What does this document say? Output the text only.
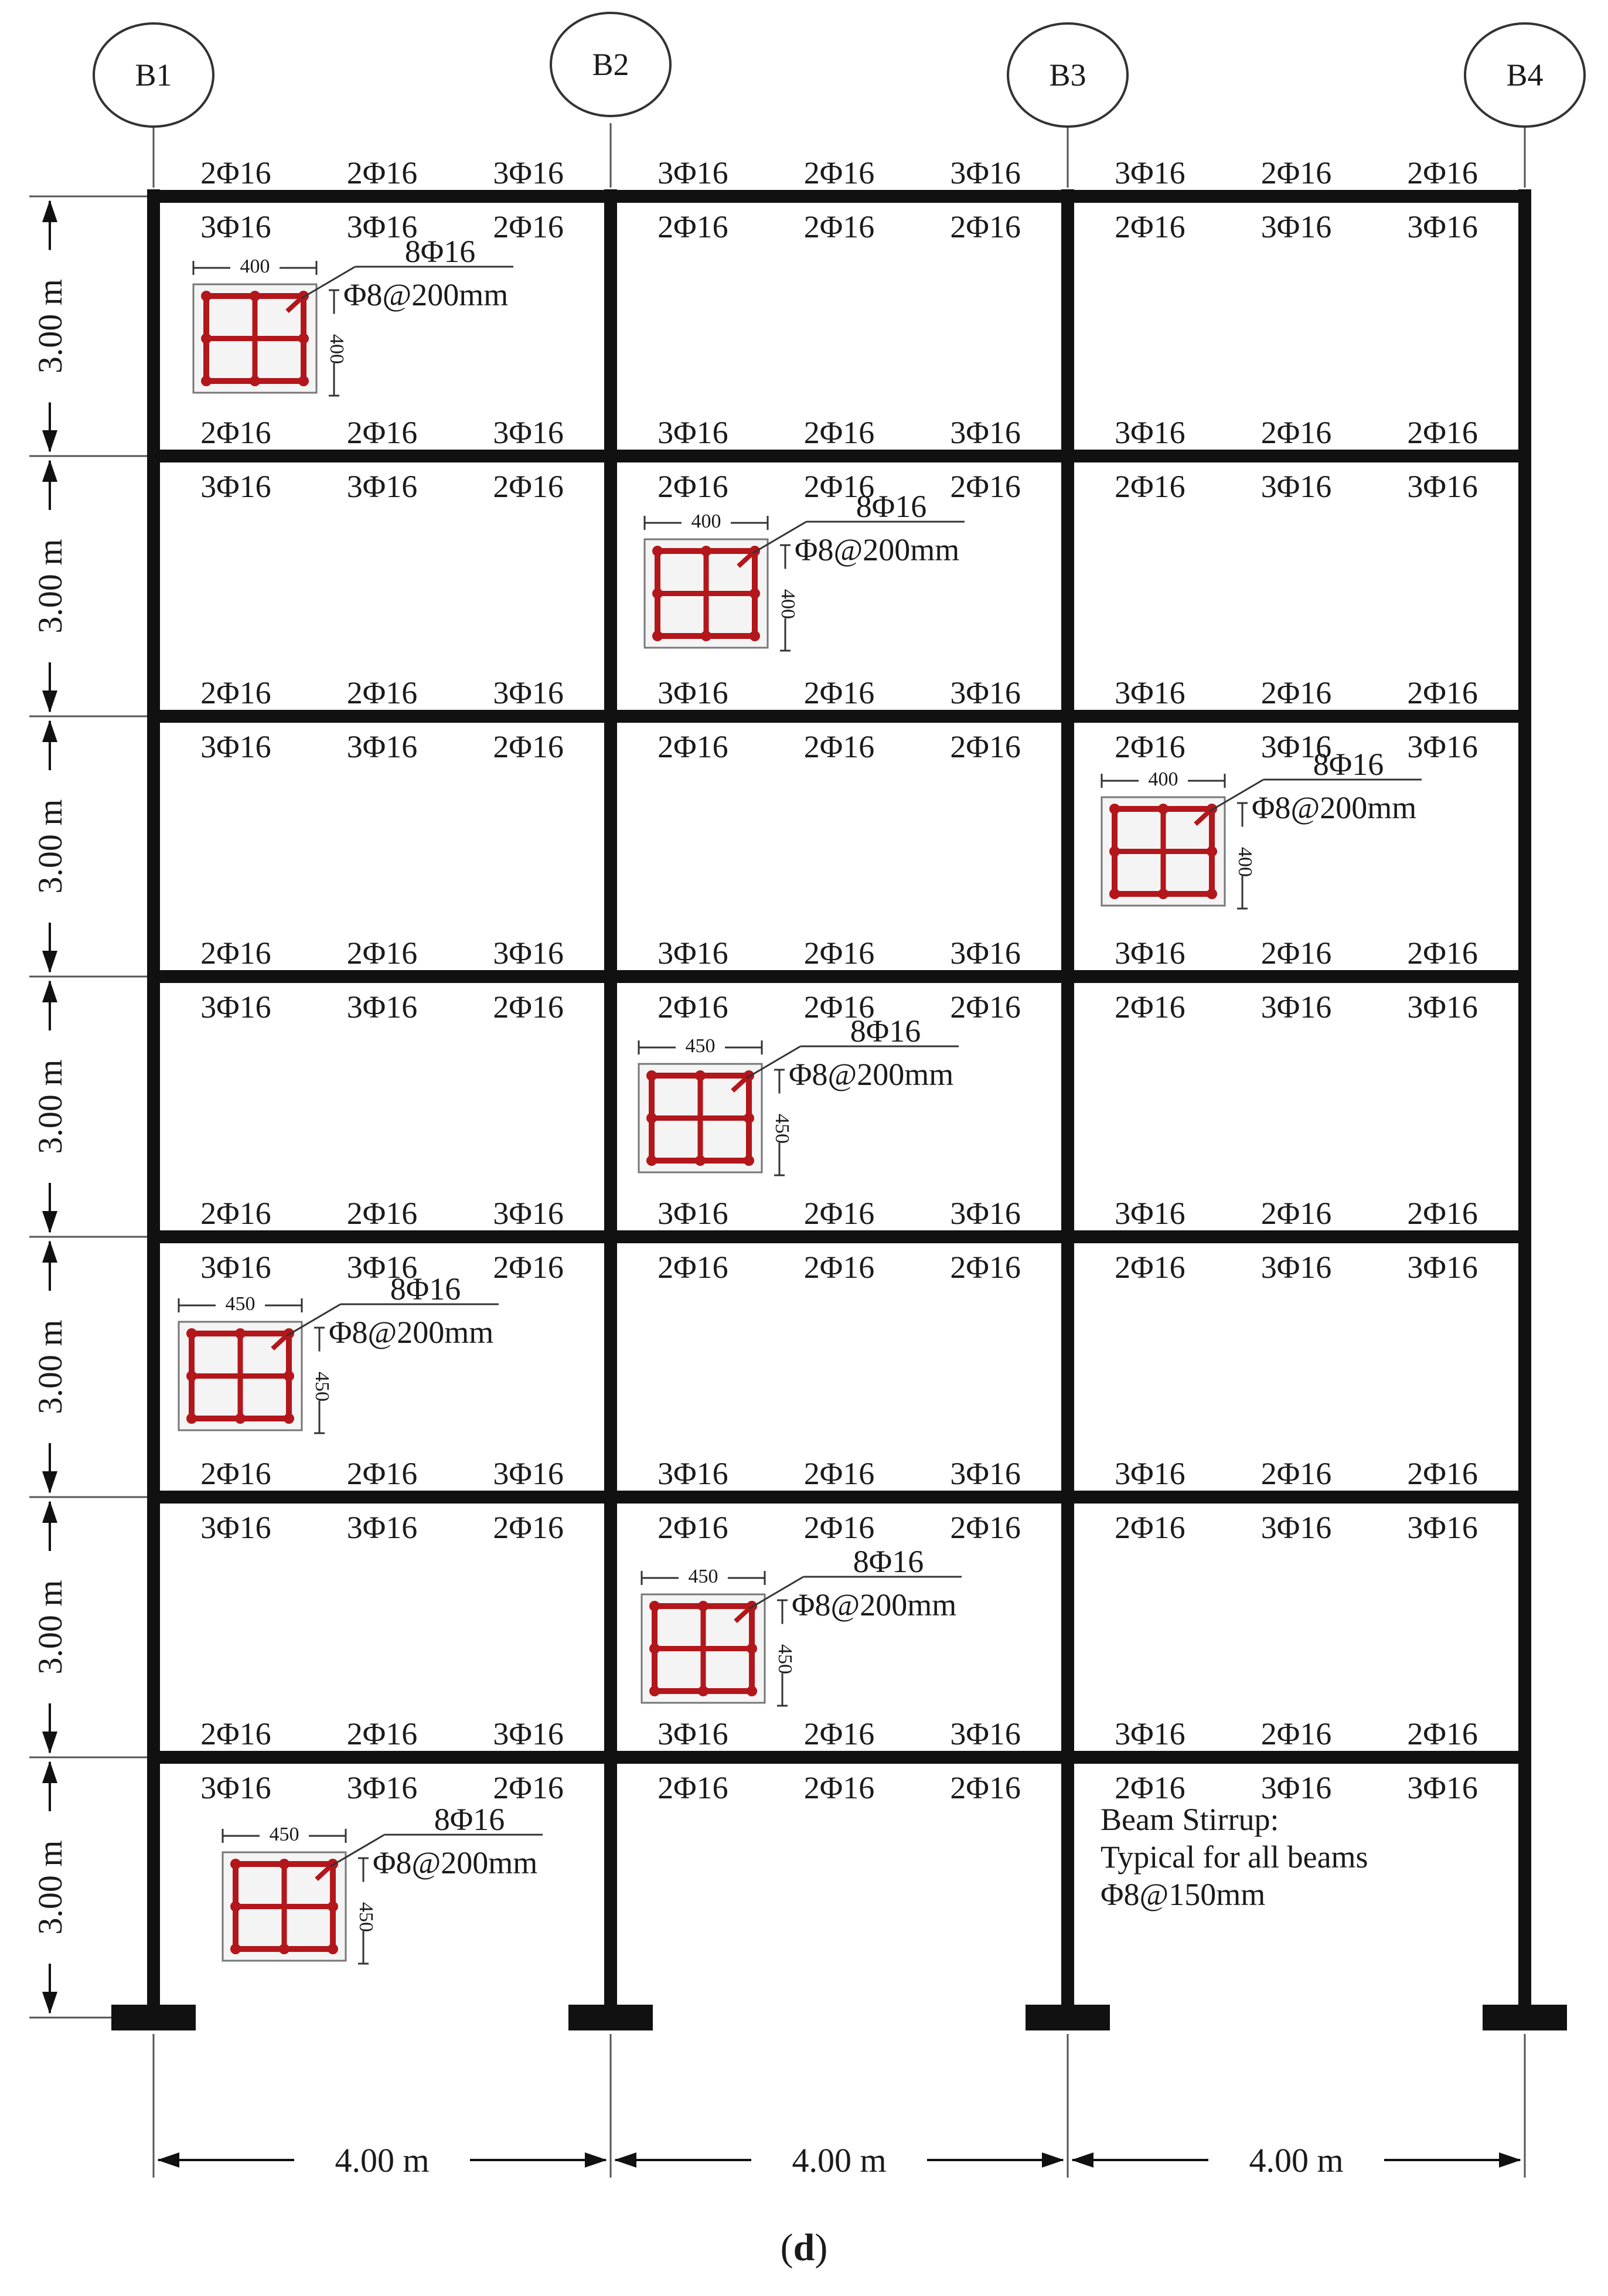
B1	B2	B3	B4
2Φ16
3Φ16
2Φ16
3Φ16
3Φ16
2Φ16
3Φ16
2Φ16
2Φ16
2Φ16
3Φ16
2Φ16
3Φ16
2Φ16
2Φ16
3Φ16
2Φ16
3Φ16
2Φ16
3Φ16
2Φ16
3Φ16
3Φ16
2Φ16
3Φ16
2Φ16
2Φ16
2Φ16
3Φ16
2Φ16
3Φ16
2Φ16
2Φ16
3Φ16
2Φ16
3Φ16
2Φ16
3Φ16
2Φ16
3Φ16
3Φ16
2Φ16
3Φ16
2Φ16
2Φ16
2Φ16
3Φ16
2Φ16
3Φ16
2Φ16
2Φ16
3Φ16
2Φ16
3Φ16
2Φ16
3Φ16
2Φ16
3Φ16
3Φ16
2Φ16
3Φ16
2Φ16
2Φ16
2Φ16
3Φ16
2Φ16
3Φ16
2Φ16
2Φ16
3Φ16
2Φ16
3Φ16
2Φ16
3Φ16
2Φ16
3Φ16
3Φ16
2Φ16
3Φ16
2Φ16
2Φ16
2Φ16
3Φ16
2Φ16
3Φ16
2Φ16
2Φ16
3Φ16
2Φ16
3Φ16
2Φ16
3Φ16
2Φ16
3Φ16
3Φ16
2Φ16
3Φ16
2Φ16
2Φ16
2Φ16
3Φ16
2Φ16
3Φ16
2Φ16
2Φ16
3Φ16
2Φ16
3Φ16
2Φ16
3Φ16
2Φ16
3Φ16
3Φ16
2Φ16
3Φ16
2Φ16
2Φ16
2Φ16
3Φ16
2Φ16
3Φ16
2Φ16
2Φ16
3Φ16
2Φ16
3Φ16
400
400
8Φ16
Φ8@200mm
400
400
8Φ16
Φ8@200mm
400
400
8Φ16
Φ8@200mm
450
450
8Φ16
Φ8@200mm
450
450
8Φ16
Φ8@200mm
450
450
8Φ16
Φ8@200mm
450
450
8Φ16
Φ8@200mm
3.00 m
3.00 m
3.00 m
3.00 m
3.00 m
3.00 m
3.00 m
4.00 m	4.00 m	4.00 m
Beam Stirrup:
Typical for all beams
Φ8@150mm
(d)
